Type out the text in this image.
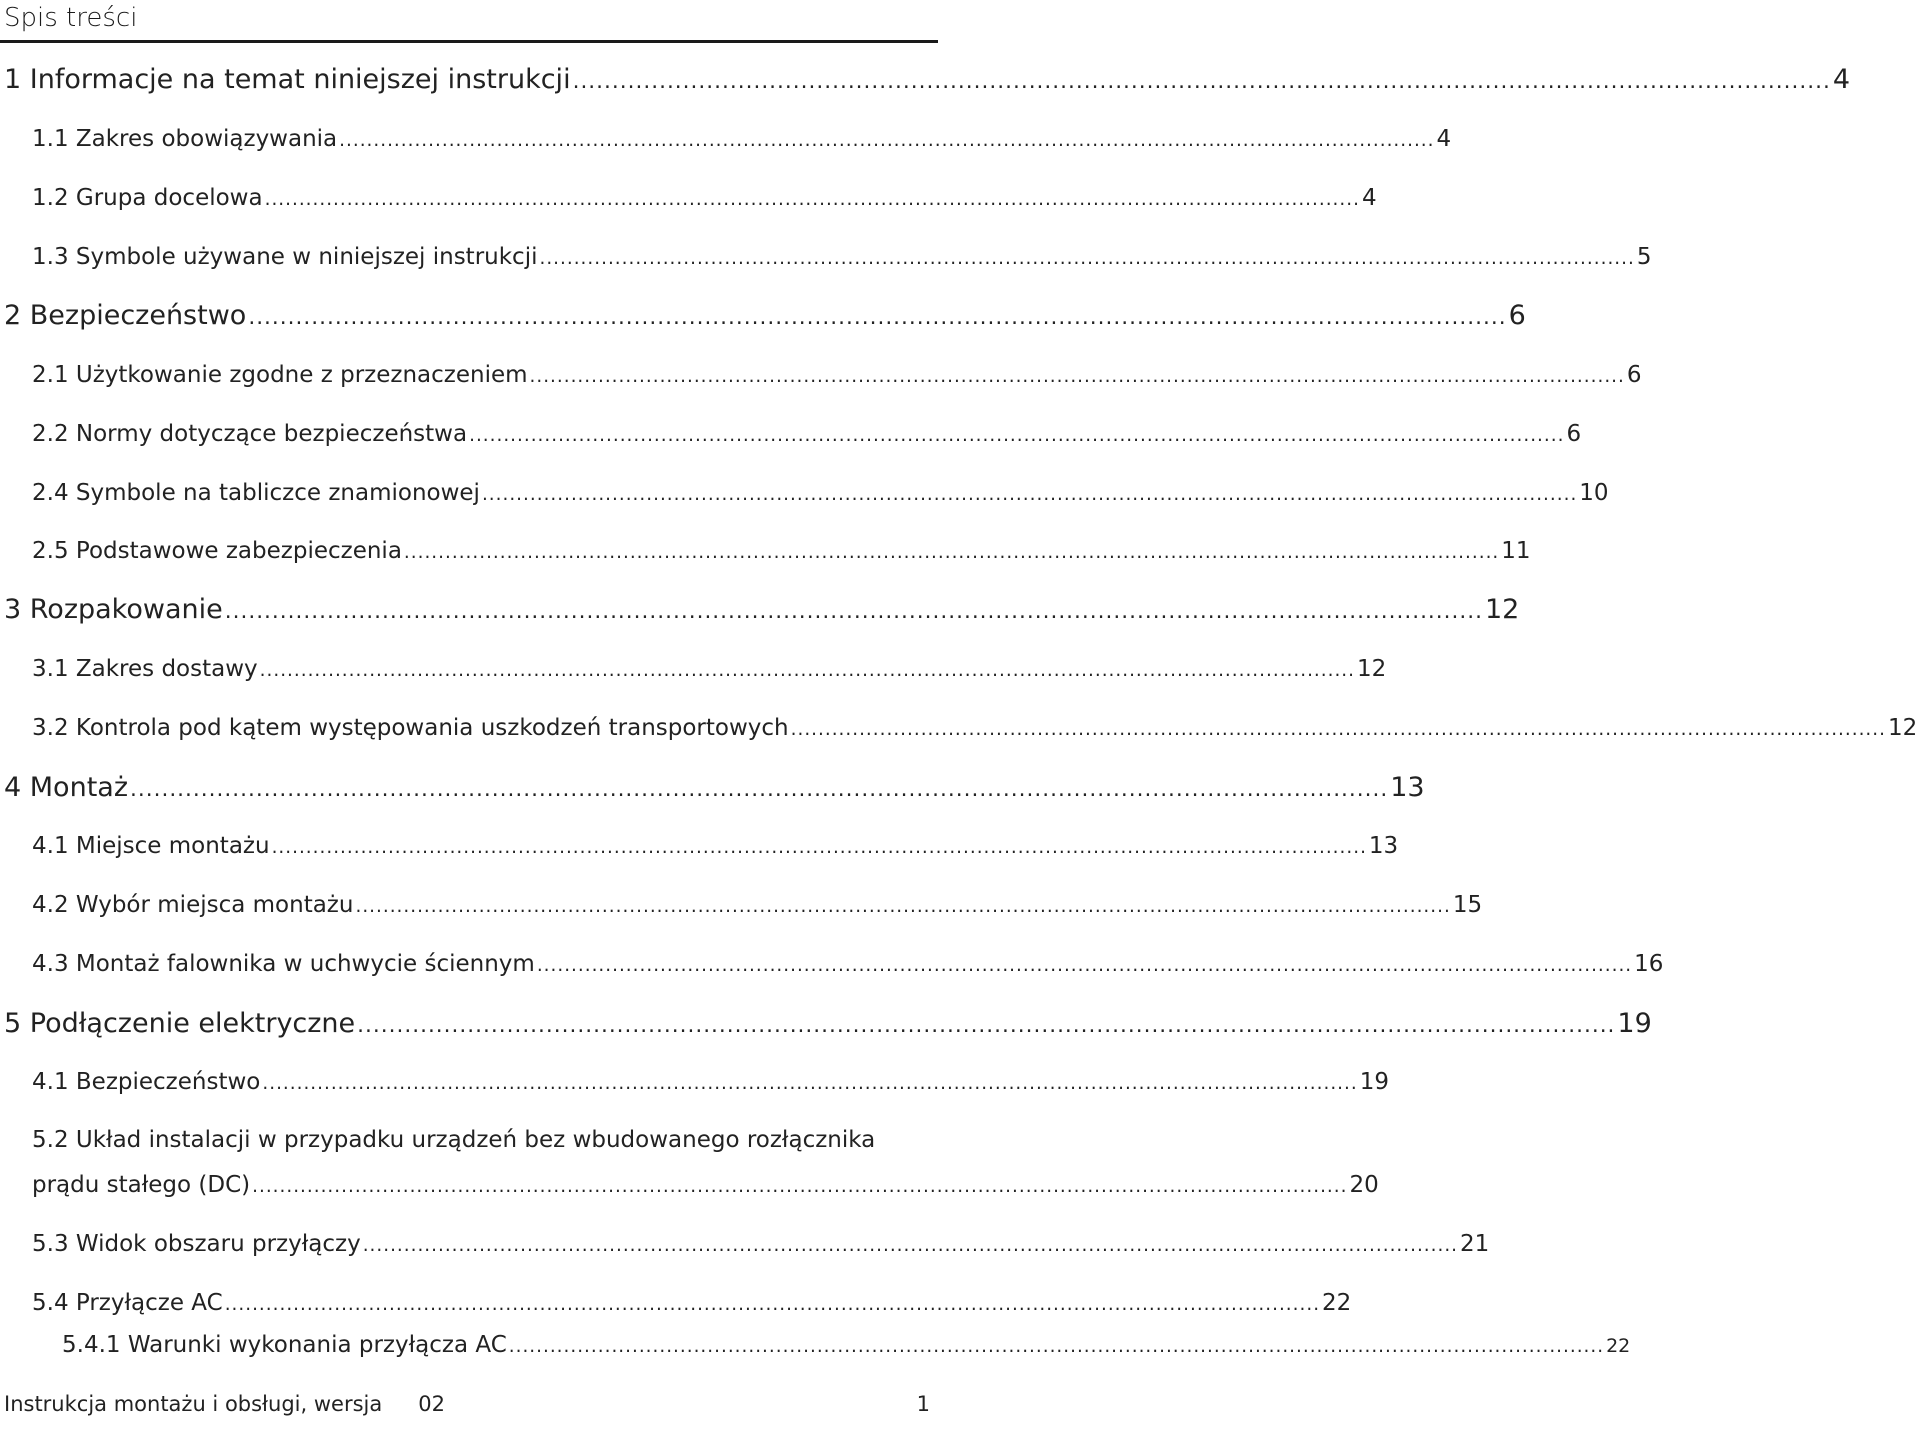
Spis treści
1 Informacje na temat niniejszej instrukcji ................................................................................................................................................................ 4
1.1 Zakres obowiązywania ................................................................................................................................................................ 4
1.2 Grupa docelowa ................................................................................................................................................................ 4
1.3 Symbole używane w niniejszej instrukcji ................................................................................................................................................................ 5
2 Bezpieczeństwo ................................................................................................................................................................ 6
2.1 Użytkowanie zgodne z przeznaczeniem ................................................................................................................................................................ 6
2.2 Normy dotyczące bezpieczeństwa ................................................................................................................................................................ 6
2.4 Symbole na tabliczce znamionowej ................................................................................................................................................................ 10
2.5 Podstawowe zabezpieczenia ................................................................................................................................................................ 11
3 Rozpakowanie ................................................................................................................................................................ 12
3.1 Zakres dostawy ................................................................................................................................................................ 12
3.2 Kontrola pod kątem występowania uszkodzeń transportowych ................................................................................................................................................................ 12
4 Montaż ................................................................................................................................................................ 13
4.1 Miejsce montażu ................................................................................................................................................................ 13
4.2 Wybór miejsca montażu ................................................................................................................................................................ 15
4.3 Montaż falownika w uchwycie ściennym ................................................................................................................................................................ 16
5 Podłączenie elektryczne ................................................................................................................................................................ 19
4.1 Bezpieczeństwo ................................................................................................................................................................ 19
5.2 Układ instalacji w przypadku urządzeń bez wbudowanego rozłącznika
prądu stałego (DC) ................................................................................................................................................................ 20
5.3 Widok obszaru przyłączy ................................................................................................................................................................ 21
5.4 Przyłącze AC ................................................................................................................................................................ 22
5.4.1 Warunki wykonania przyłącza AC ................................................................................................................................................................ 22
Instrukcja montażu i obsługi, wersja 02	1
